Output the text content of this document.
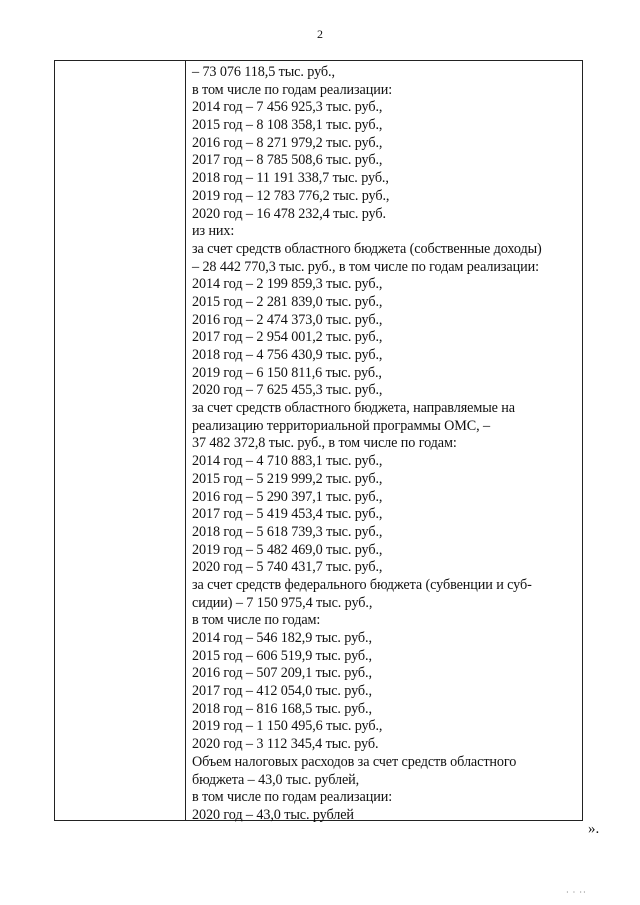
2
– 73 076 118,5 тыс. руб.,
в том числе по годам реализации:
2014 год – 7 456 925,3 тыс. руб.,
2015 год – 8 108 358,1 тыс. руб.,
2016 год – 8 271 979,2 тыс. руб.,
2017 год – 8 785 508,6 тыс. руб.,
2018 год – 11 191 338,7 тыс. руб.,
2019 год – 12 783 776,2 тыс. руб.,
2020 год – 16 478 232,4 тыс. руб.
из них:
за счет средств областного бюджета (собственные доходы)
– 28 442 770,3 тыс. руб., в том числе по годам реализации:
2014 год – 2 199 859,3 тыс. руб.,
2015 год – 2 281 839,0 тыс. руб.,
2016 год – 2 474 373,0 тыс. руб.,
2017 год – 2 954 001,2 тыс. руб.,
2018 год – 4 756 430,9 тыс. руб.,
2019 год – 6 150 811,6 тыс. руб.,
2020 год – 7 625 455,3 тыс. руб.,
за счет средств областного бюджета, направляемые на
реализацию территориальной программы ОМС, –
37 482 372,8 тыс. руб., в том числе по годам:
2014 год – 4 710 883,1 тыс. руб.,
2015 год – 5 219 999,2 тыс. руб.,
2016 год – 5 290 397,1 тыс. руб.,
2017 год – 5 419 453,4 тыс. руб.,
2018 год – 5 618 739,3 тыс. руб.,
2019 год – 5 482 469,0 тыс. руб.,
2020 год – 5 740 431,7 тыс. руб.,
за счет средств федерального бюджета (субвенции и суб-
сидии) – 7 150 975,4 тыс. руб.,
в том числе по годам:
2014 год – 546 182,9 тыс. руб.,
2015 год – 606 519,9 тыс. руб.,
2016 год – 507 209,1 тыс. руб.,
2017 год – 412 054,0 тыс. руб.,
2018 год – 816 168,5 тыс. руб.,
2019 год – 1 150 495,6 тыс. руб.,
2020 год – 3 112 345,4 тыс. руб.
Объем налоговых расходов за счет средств областного
бюджета – 43,0 тыс. рублей,
в том числе по годам реализации:
2020 год – 43,0 тыс. рублей
».
· · ··
